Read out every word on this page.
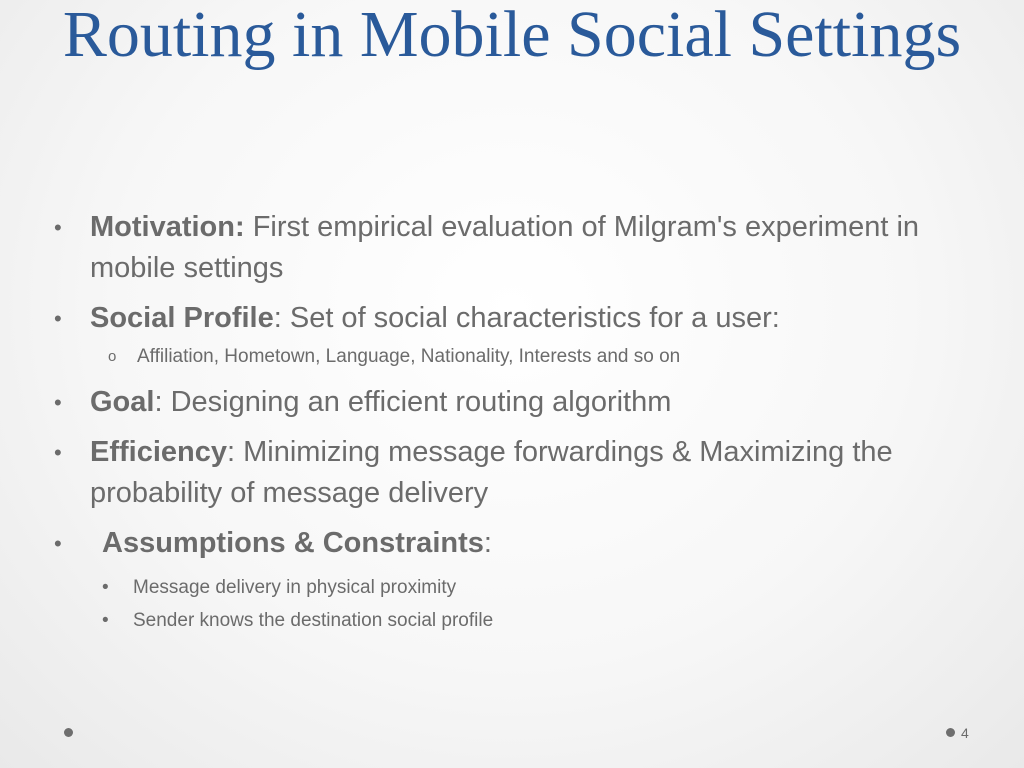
Routing in Mobile Social Settings
• Motivation: First empirical evaluation of Milgram's experiment in mobile settings
• Social Profile: Set of social characteristics for a user:
o Affiliation, Hometown, Language, Nationality, Interests and so on
• Goal: Designing an efficient routing algorithm
• Efficiency: Minimizing message forwardings & Maximizing the probability of message delivery
• Assumptions & Constraints:
• Message delivery in physical proximity
• Sender knows the destination social profile
4
